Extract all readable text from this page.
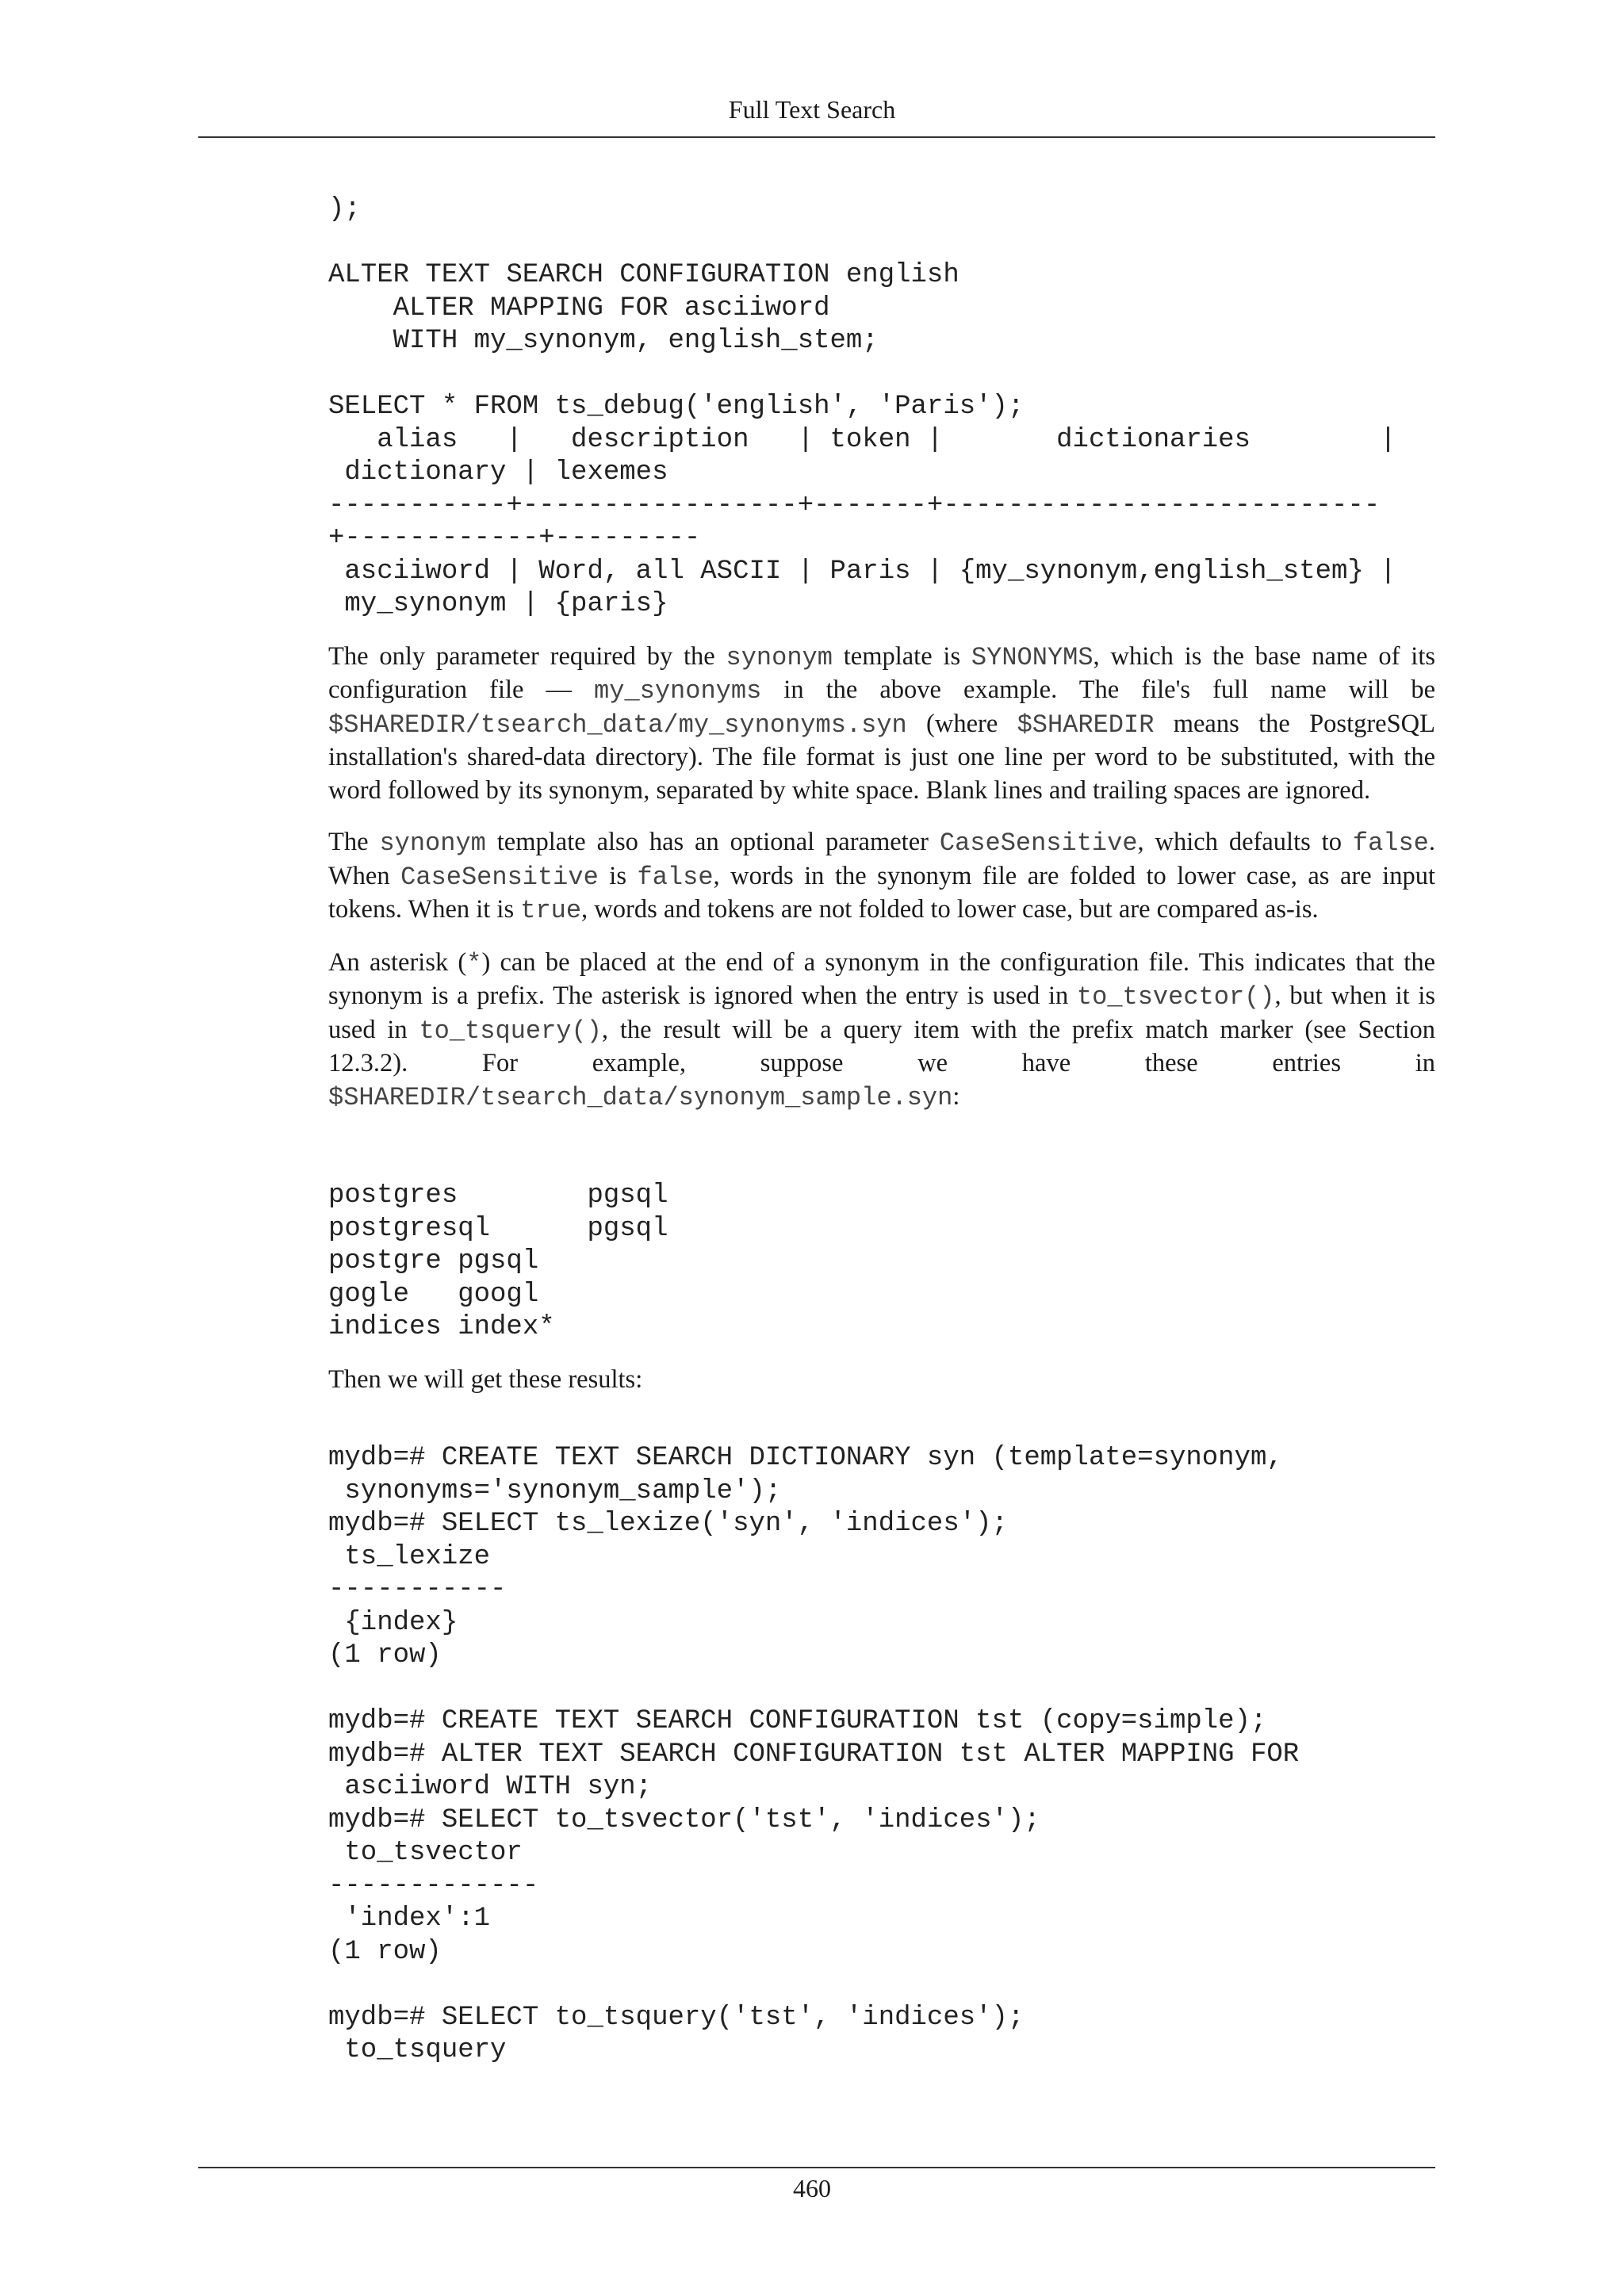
Full Text Search
);

ALTER TEXT SEARCH CONFIGURATION english
ALTER MAPPING FOR asciiword
WITH my_synonym, english_stem;

SELECT * FROM ts_debug('english', 'Paris');
alias   |   description   | token |       dictionaries        |
dictionary | lexemes
-----------+-----------------+-------+---------------------------
+------------+---------
asciiword | Word, all ASCII | Paris | {my_synonym,english_stem} |
my_synonym | {paris}

The only parameter required by the synonym template is SYNONYMS, which is the base name of its configuration file — my_synonyms in the above example. The file's full name will be $SHAREDIR/tsearch_data/my_synonyms.syn (where $SHAREDIR means the PostgreSQL installation's shared-data directory). The file format is just one line per word to be substituted, with the word followed by its synonym, separated by white space. Blank lines and trailing spaces are ignored.

The synonym template also has an optional parameter CaseSensitive, which defaults to false. When CaseSensitive is false, words in the synonym file are folded to lower case, as are input tokens. When it is true, words and tokens are not folded to lower case, but are compared as-is.

An asterisk (*) can be placed at the end of a synonym in the configuration file. This indicates that the synonym is a prefix. The asterisk is ignored when the entry is used in to_tsvector(), but when it is used in to_tsquery(), the result will be a query item with the prefix match marker (see Section 12.3.2). For example, suppose we have these entries in $SHAREDIR/tsearch_data/synonym_sample.syn:

postgres        pgsql
postgresql      pgsql
postgre pgsql
gogle   googl
indices index*

Then we will get these results:

mydb=# CREATE TEXT SEARCH DICTIONARY syn (template=synonym,
synonyms='synonym_sample');
mydb=# SELECT ts_lexize('syn', 'indices');
ts_lexize
-----------
{index}
(1 row)

mydb=# CREATE TEXT SEARCH CONFIGURATION tst (copy=simple);
mydb=# ALTER TEXT SEARCH CONFIGURATION tst ALTER MAPPING FOR
asciiword WITH syn;
mydb=# SELECT to_tsvector('tst', 'indices');
to_tsvector
-------------
'index':1
(1 row)

mydb=# SELECT to_tsquery('tst', 'indices');
to_tsquery
460
